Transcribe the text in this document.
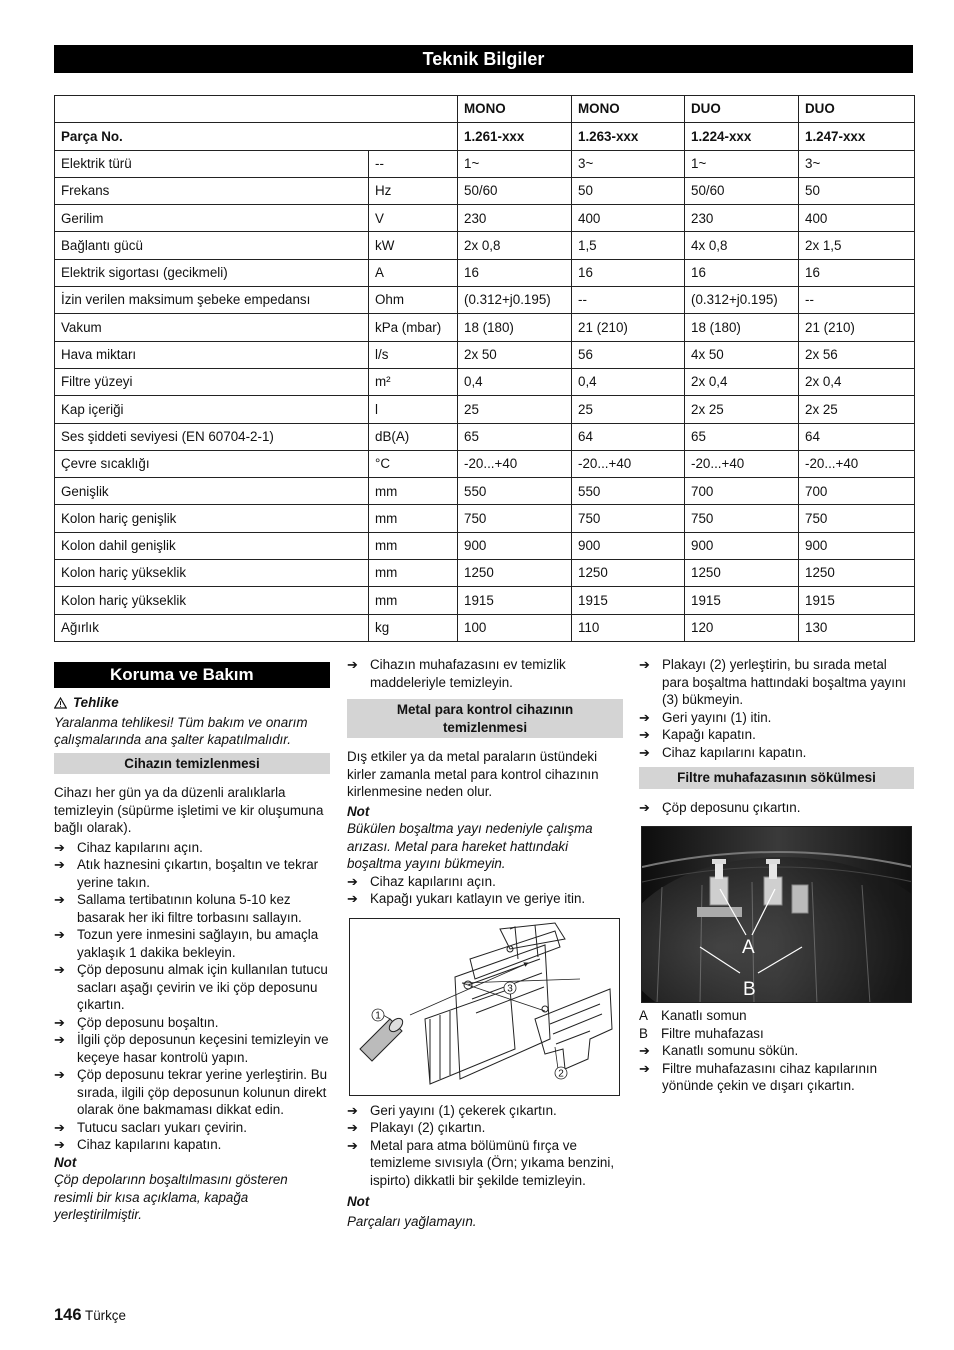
Teknik Bilgiler
		MONO	MONO	DUO	DUO
Parça No.		1.261-xxx	1.263-xxx	1.224-xxx	1.247-xxx
Elektrik türü	--	1~	3~	1~	3~
Frekans	Hz	50/60	50	50/60	50
Gerilim	V	230	400	230	400
Bağlantı gücü	kW	2x 0,8	1,5	4x 0,8	2x 1,5
Elektrik sigortası (gecikmeli)	A	16	16	16	16
İzin verilen maksimum şebeke empedansı	Ohm	(0.312+j0.195)	--	(0.312+j0.195)	--
Vakum	kPa (mbar)	18 (180)	21 (210)	18 (180)	21 (210)
Hava miktarı	l/s	2x 50	56	4x 50	2x 56
Filtre yüzeyi	m²	0,4	0,4	2x 0,4	2x 0,4
Kap içeriği	l	25	25	2x 25	2x 25
Ses şiddeti seviyesi (EN 60704-2-1)	dB(A)	65	64	65	64
Çevre sıcaklığı	°C	-20...+40	-20...+40	-20...+40	-20...+40
Genişlik	mm	550	550	700	700
Kolon hariç genişlik	mm	750	750	750	750
Kolon dahil genişlik	mm	900	900	900	900
Kolon hariç yükseklik	mm	1250	1250	1250	1250
Kolon hariç yükseklik	mm	1915	1915	1915	1915
Ağırlık	kg	100	110	120	130
Koruma ve Bakım
Tehlike
Yaralanma tehlikesi! Tüm bakım ve onarım çalışmalarında ana şalter kapatılmalıdır.
Cihazın temizlenmesi
Cihazı her gün ya da düzenli aralıklarla temizleyin (süpürme işletimi ve kir oluşumuna bağlı olarak).
➔ Cihaz kapılarını açın.
➔ Atık haznesini çıkartın, boşaltın ve tekrar yerine takın.
➔ Sallama tertibatının koluna 5-10 kez basarak her iki filtre torbasını sallayın.
➔ Tozun yere inmesini sağlayın, bu amaçla yaklaşık 1 dakika bekleyin.
➔ Çöp deposunu almak için kullanılan tutucu sacları aşağı çevirin ve iki çöp deposunu çıkartın.
➔ Çöp deposunu boşaltın.
➔ İlgili çöp deposunun keçesini temizleyin ve keçeye hasar kontrolü yapın.
➔ Çöp deposunu tekrar yerine yerleştirin. Bu sırada, ilgili çöp deposunun kolunun direkt olarak öne bakmaması dikkat edin.
➔ Tutucu sacları yukarı çevirin.
➔ Cihaz kapılarını kapatın.
Not
Çöp depolarınn boşaltılmasını gösteren resimli bir kısa açıklama, kapağa yerleştirilmiştir.
➔ Cihazın muhafazasını ev temizlik maddeleriyle temizleyin.
Metal para kontrol cihazının temizlenmesi
Dış etkiler ya da metal paraların üstündeki kirler zamanla metal para kontrol cihazının kirlenmesine neden olur.
Not
Bükülen boşaltma yayı nedeniyle çalışma arızası. Metal para hareket hattındaki boşaltma yayını bükmeyin.
➔ Cihaz kapılarını açın.
➔ Kapağı yukarı katlayın ve geriye itin.
1
2
3
➔ Geri yayını (1) çekerek çıkartın.
➔ Plakayı (2) çıkartın.
➔ Metal para atma bölümünü fırça ve temizleme sıvısıyla (Örn; yıkama benzini, ispirto) dikkatli bir şekilde temizleyin.
Not
Parçaları yağlamayın.
➔ Plakayı (2) yerleştirin, bu sırada metal para boşaltma hattındaki boşaltma yayını (3) bükmeyin.
➔ Geri yayını (1) itin.
➔ Kapağı kapatın.
➔ Cihaz kapılarını kapatın.
Filtre muhafazasının sökülmesi
➔ Çöp deposunu çıkartın.
A
B
A Kanatlı somun
B Filtre muhafazası
➔ Kanatlı somunu sökün.
➔ Filtre muhafazasını cihaz kapılarının yönünde çekin ve dışarı çıkartın.
146 Türkçe
